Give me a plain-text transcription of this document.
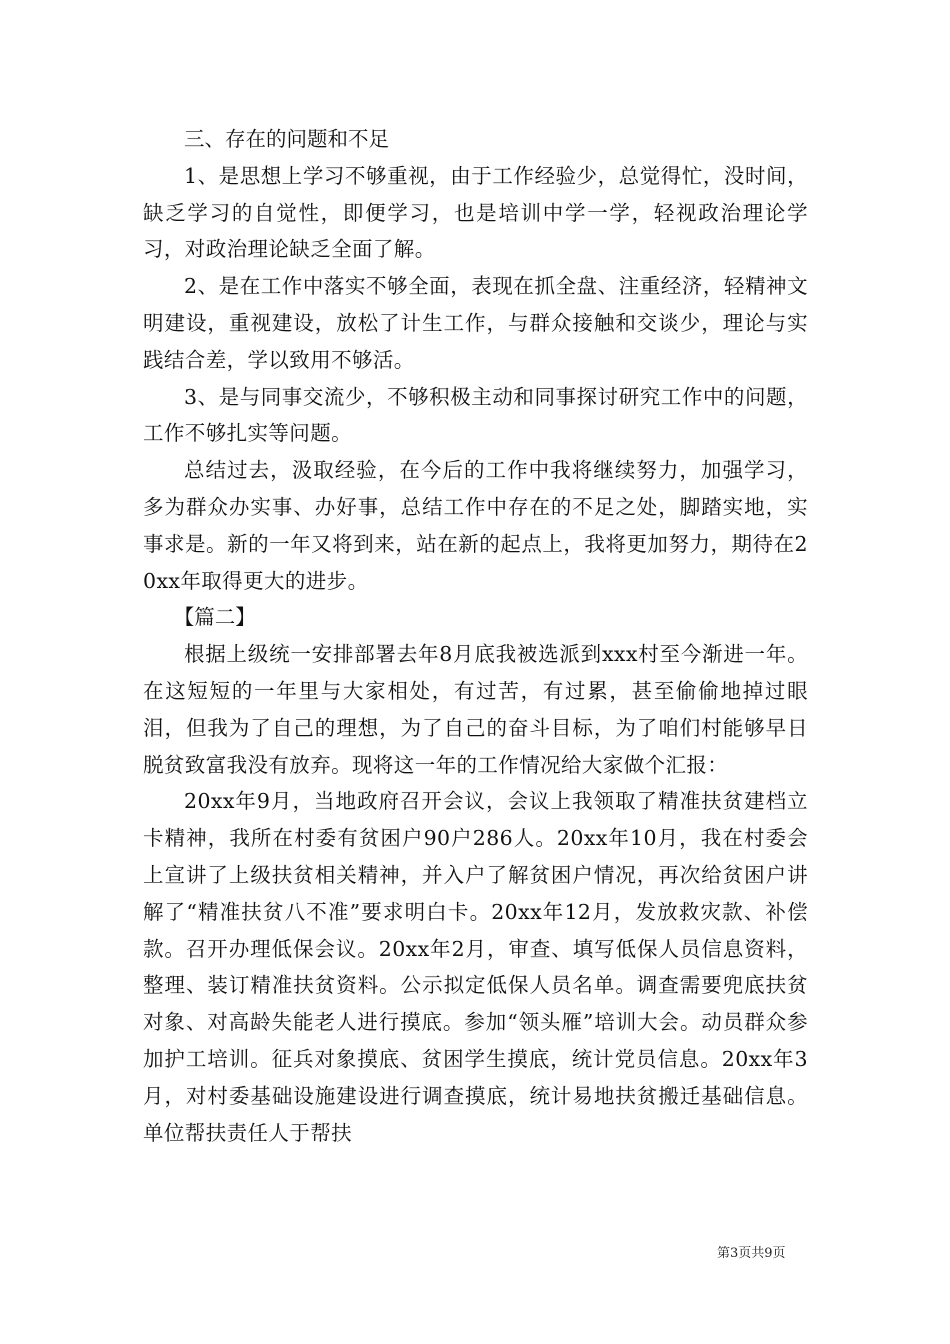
三、存在的问题和不足

1、是思想上学习不够重视，由于工作经验少，总觉得忙，没时间，缺乏学习的自觉性，即便学习，也是培训中学一学，轻视政治理论学习，对政治理论缺乏全面了解。

2、是在工作中落实不够全面，表现在抓全盘、注重经济，轻精神文明建设，重视建设，放松了计生工作，与群众接触和交谈少，理论与实践结合差，学以致用不够活。

3、是与同事交流少，不够积极主动和同事探讨研究工作中的问题，工作不够扎实等问题。

总结过去，汲取经验，在今后的工作中我将继续努力，加强学习，多为群众办实事、办好事，总结工作中存在的不足之处，脚踏实地，实事求是。新的一年又将到来，站在新的起点上，我将更加努力，期待在20xx年取得更大的进步。

【篇二】

根据上级统一安排部署去年8月底我被选派到xxx村至今渐进一年。在这短短的一年里与大家相处，有过苦，有过累，甚至偷偷地掉过眼泪，但我为了自己的理想，为了自己的奋斗目标，为了咱们村能够早日脱贫致富我没有放弃。现将这一年的工作情况给大家做个汇报：

20xx年9月，当地政府召开会议，会议上我领取了精准扶贫建档立卡精神，我所在村委有贫困户90户286人。20xx年10月，我在村委会上宣讲了上级扶贫相关精神，并入户了解贫困户情况，再次给贫困户讲解了“精准扶贫八不准”要求明白卡。20xx年12月，发放救灾款、补偿款。召开办理低保会议。20xx年2月，审查、填写低保人员信息资料，整理、装订精准扶贫资料。公示拟定低保人员名单。调查需要兜底扶贫对象、对高龄失能老人进行摸底。参加“领头雁”培训大会。动员群众参加护工培训。征兵对象摸底、贫困学生摸底，统计党员信息。20xx年3月，对村委基础设施建设进行调查摸底，统计易地扶贫搬迁基础信息。单位帮扶责任人于帮扶

第3页共9页
